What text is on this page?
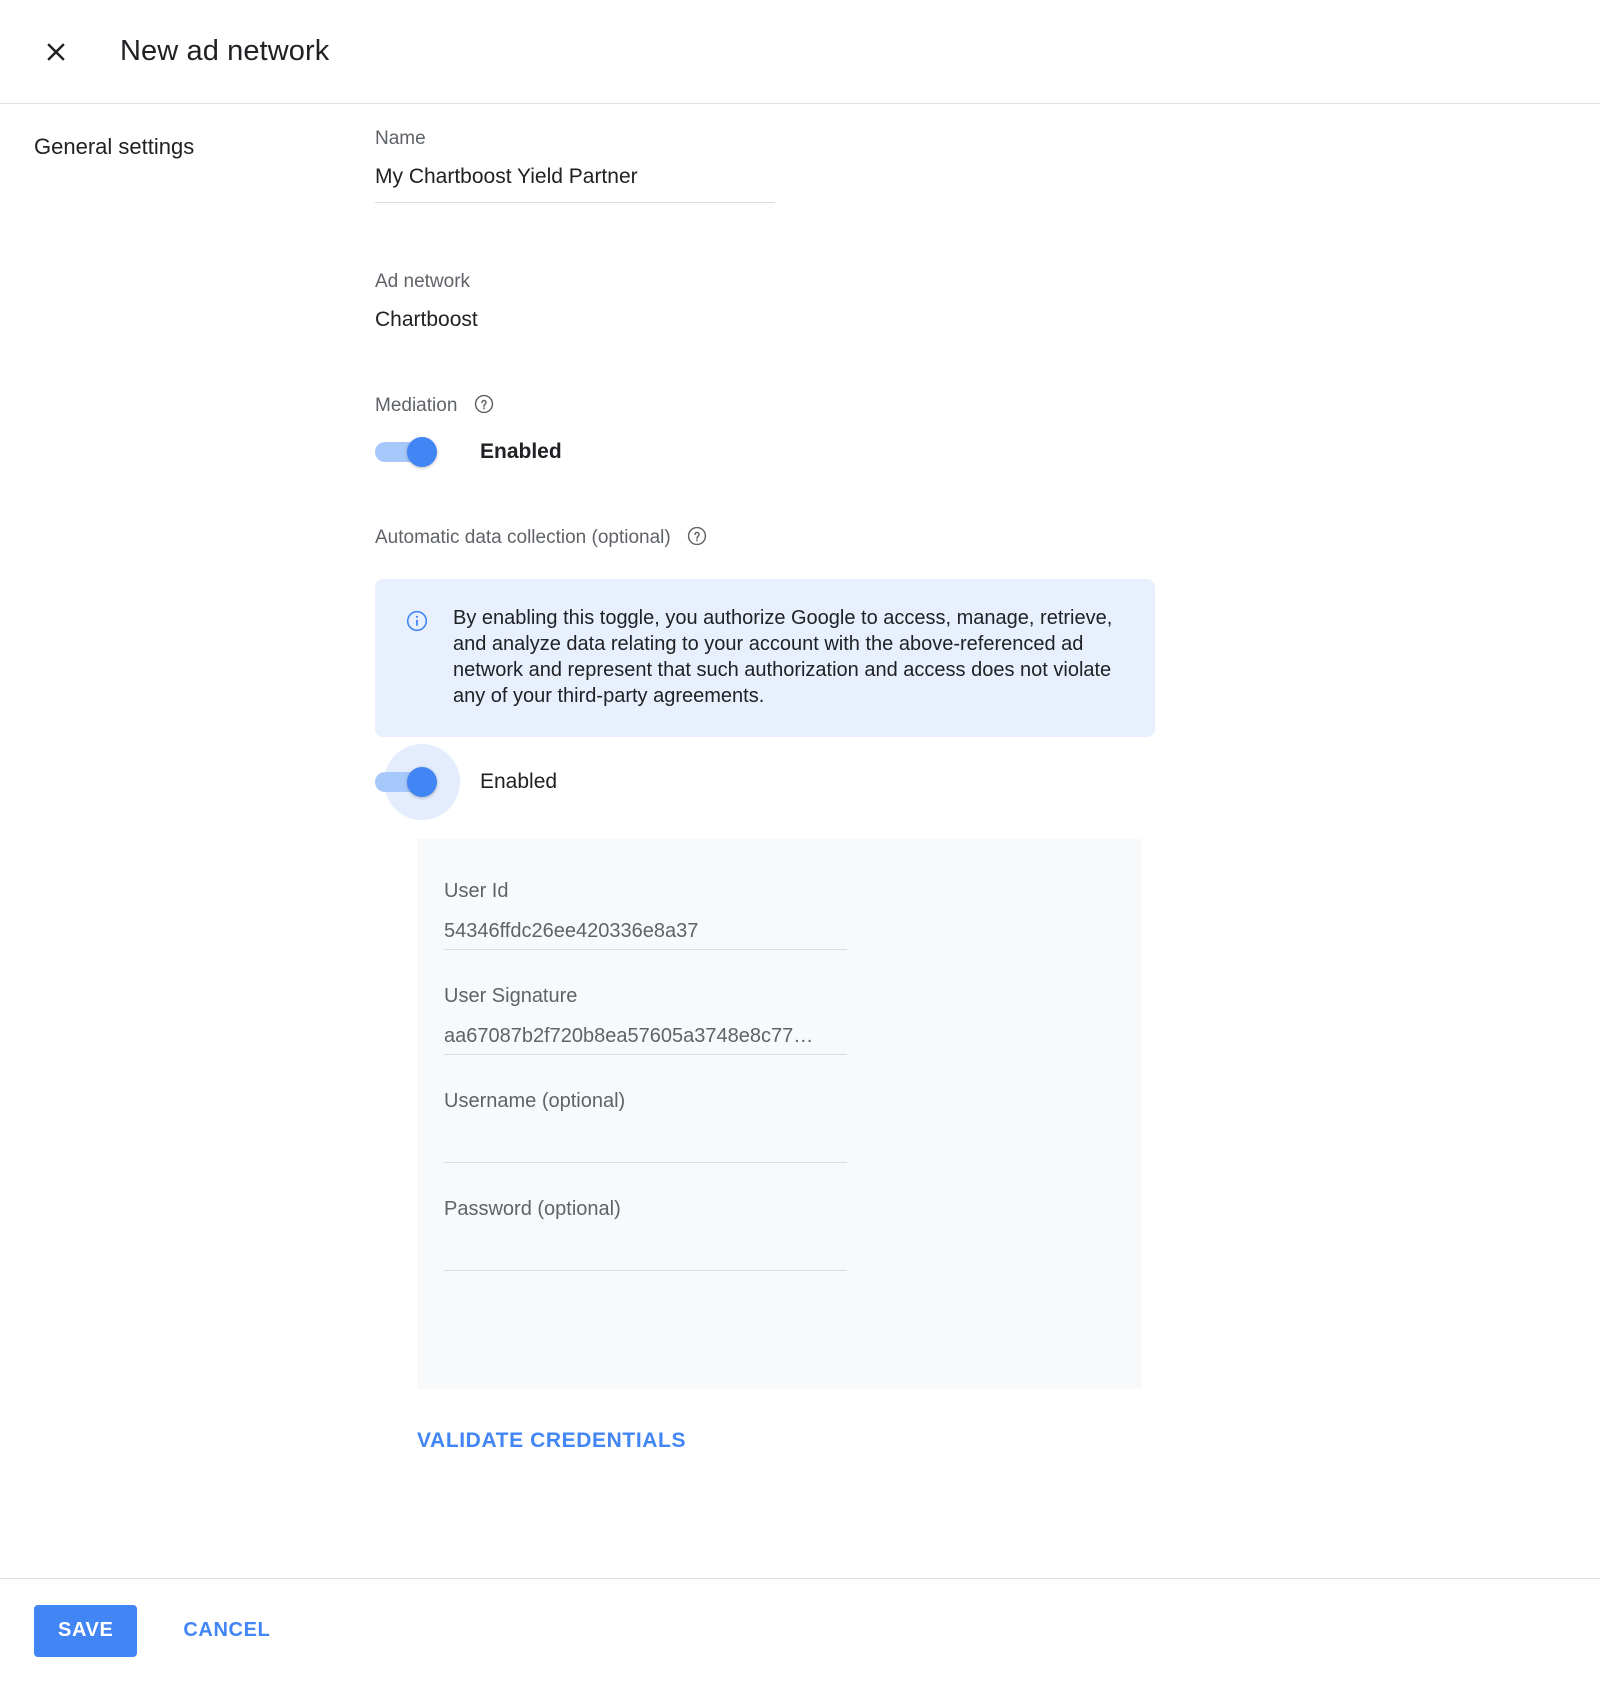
New ad network
General settings	Name
My Chartboost Yield Partner
Ad network
Chartboost
Mediation
Enabled
Automatic data collection (optional)

By enabling this toggle, you authorize Google to access, manage, retrieve, and analyze data relating to your account with the above-referenced ad network and represent that such authorization and access does not violate any of your third-party agreements.

Enabled
User Id
54346ffdc26ee420336e8a37
User Signature
aa67087b2f720b8ea57605a3748e8c77…
Username (optional)
Password (optional)
VALIDATE CREDENTIALS
SAVE	CANCEL
